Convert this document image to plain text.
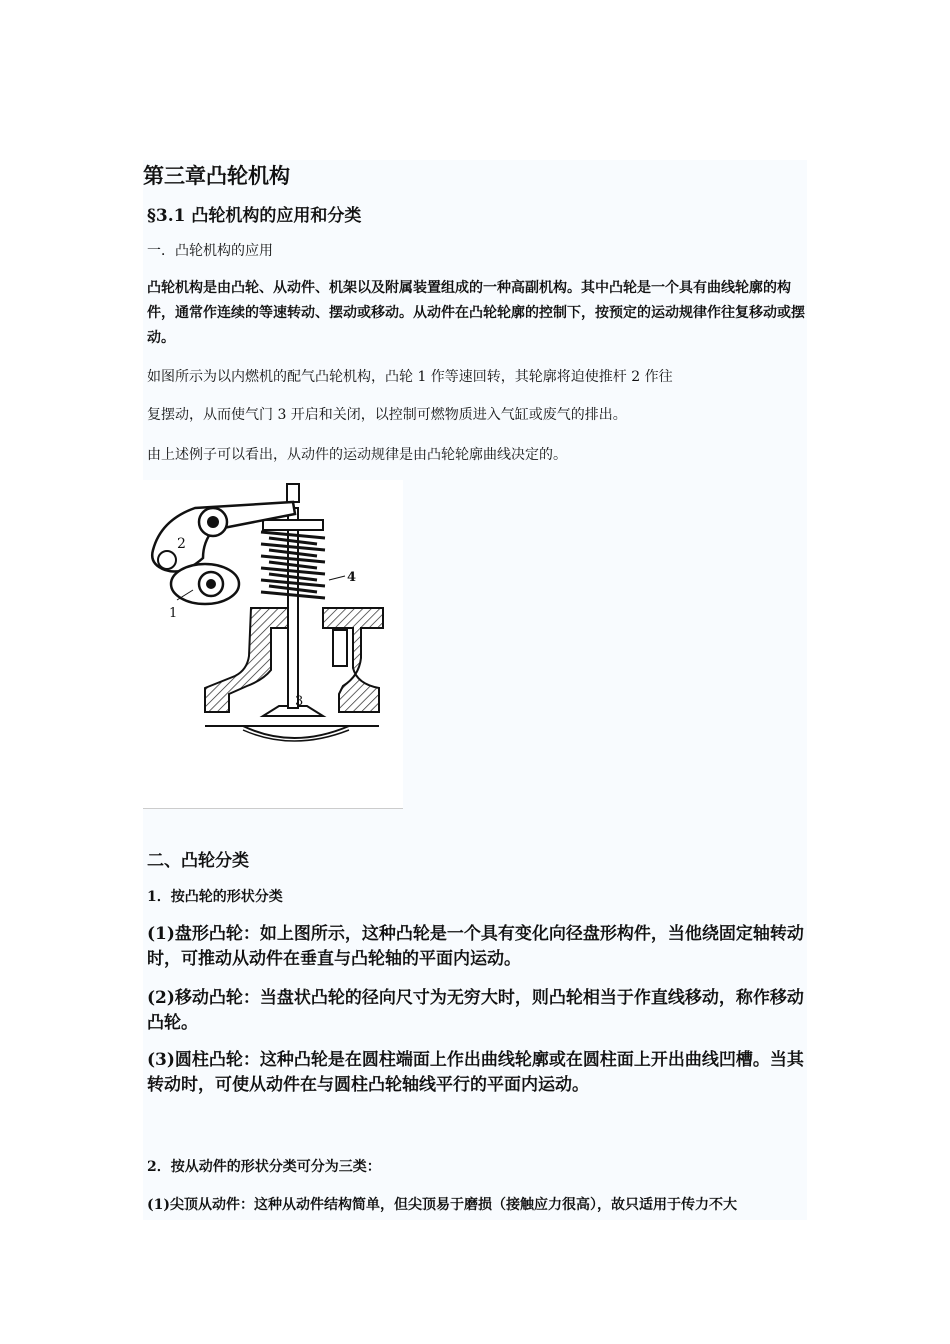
第三章凸轮机构
§3.1 凸轮机构的应用和分类
一．凸轮机构的应用
凸轮机构是由凸轮、从动件、机架以及附属装置组成的一种高副机构。其中凸轮是一个具有曲线轮廓的构件，通常作连续的等速转动、摆动或移动。从动件在凸轮轮廓的控制下，按预定的运动规律作往复移动或摆动。
如图所示为以内燃机的配气凸轮机构，凸轮 1 作等速回转，其轮廓将迫使推杆 2 作往
复摆动，从而使气门 3 开启和关闭，以控制可燃物质进入气缸或废气的排出。
由上述例子可以看出，从动件的运动规律是由凸轮轮廓曲线决定的。
2
1
4
3
二、凸轮分类
1．按凸轮的形状分类
(1)盘形凸轮：如上图所示，这种凸轮是一个具有变化向径盘形构件，当他绕固定轴转动时，可推动从动件在垂直与凸轮轴的平面内运动。
(2)移动凸轮：当盘状凸轮的径向尺寸为无穷大时，则凸轮相当于作直线移动，称作移动凸轮。
(3)圆柱凸轮：这种凸轮是在圆柱端面上作出曲线轮廓或在圆柱面上开出曲线凹槽。当其转动时，可使从动件在与圆柱凸轮轴线平行的平面内运动。
2．按从动件的形状分类可分为三类：
(1)尖顶从动件：这种从动件结构简单，但尖顶易于磨损（接触应力很高），故只适用于传力不大
